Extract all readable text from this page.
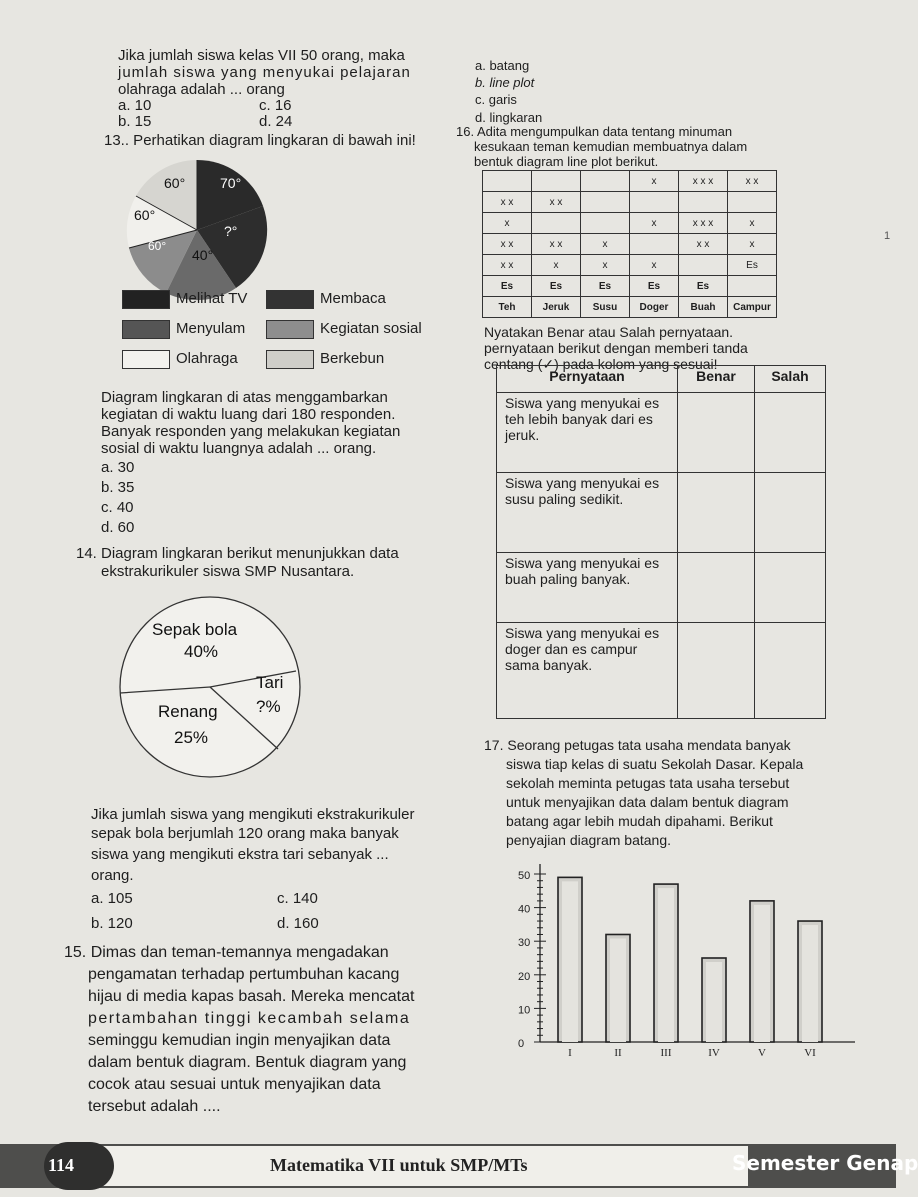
Jika jumlah siswa kelas VII 50 orang, maka
jumlah siswa yang menyukai pelajaran
olahraga adalah ... orang
a. 10
b. 15
c. 16
d. 24
a. batang
b. line plot
c. garis
d. lingkaran
13.. Perhatikan diagram lingkaran di bawah ini!
60° 70°
60°
?°
60°
40°
Melihat TV	Membaca
Menyulam	Kegiatan sosial
Olahraga	Berkebun
Diagram lingkaran di atas menggambarkan
kegiatan di waktu luang dari 180 responden.
Banyak responden yang melakukan kegiatan
sosial di waktu luangnya adalah ... orang.
a. 30
b. 35
c. 40
d. 60
14. Diagram lingkaran berikut menunjukkan data
ekstrakurikuler siswa SMP Nusantara.
Sepak bola
40%
Tari
?%
Renang
25%
Jika jumlah siswa yang mengikuti ekstrakurikuler
sepak bola berjumlah 120 orang maka banyak
siswa yang mengikuti ekstra tari sebanyak ...
orang.
a. 105
b. 120
c. 140
d. 160
15. Dimas dan teman-temannya mengadakan
pengamatan terhadap pertumbuhan kacang
hijau di media kapas basah. Mereka mencatat
pertambahan tinggi kecambah selama
seminggu kemudian ingin menyajikan data
dalam bentuk diagram. Bentuk diagram yang
cocok atau sesuai untuk menyajikan data
tersebut adalah ....
16. Adita mengumpulkan data tentang minuman
kesukaan teman kemudian membuatnya dalam
bentuk diagram line plot berikut.
			x	x x x	x x
x x	x x				
x			x	x x x	x
x x	x x	x		x x	x
x x	x	x	x		Es
Es	Es	Es	Es	Es	
Teh	Jeruk	Susu	Doger	Buah	Campur
Nyatakan Benar atau Salah pernyataan.
pernyataan berikut dengan memberi tanda
centang (✓) pada kolom yang sesuai!
Pernyataan	Benar	Salah
Siswa yang menyukai es teh lebih banyak dari es jeruk.		
Siswa yang menyukai es susu paling sedikit.		
Siswa yang menyukai es buah paling banyak.		
Siswa yang menyukai es doger dan es campur sama banyak.		
17. Seorang petugas tata usaha mendata banyak
siswa tiap kelas di suatu Sekolah Dasar. Kepala
sekolah meminta petugas tata usaha tersebut
untuk menyajikan data dalam bentuk diagram
batang agar lebih mudah dipahami. Berikut
penyajian diagram batang.
50
40
30
20
10
0
I	II	III	IV	V	VI
1
114	Matematika VII untuk SMP/MTs	Semester Genap
